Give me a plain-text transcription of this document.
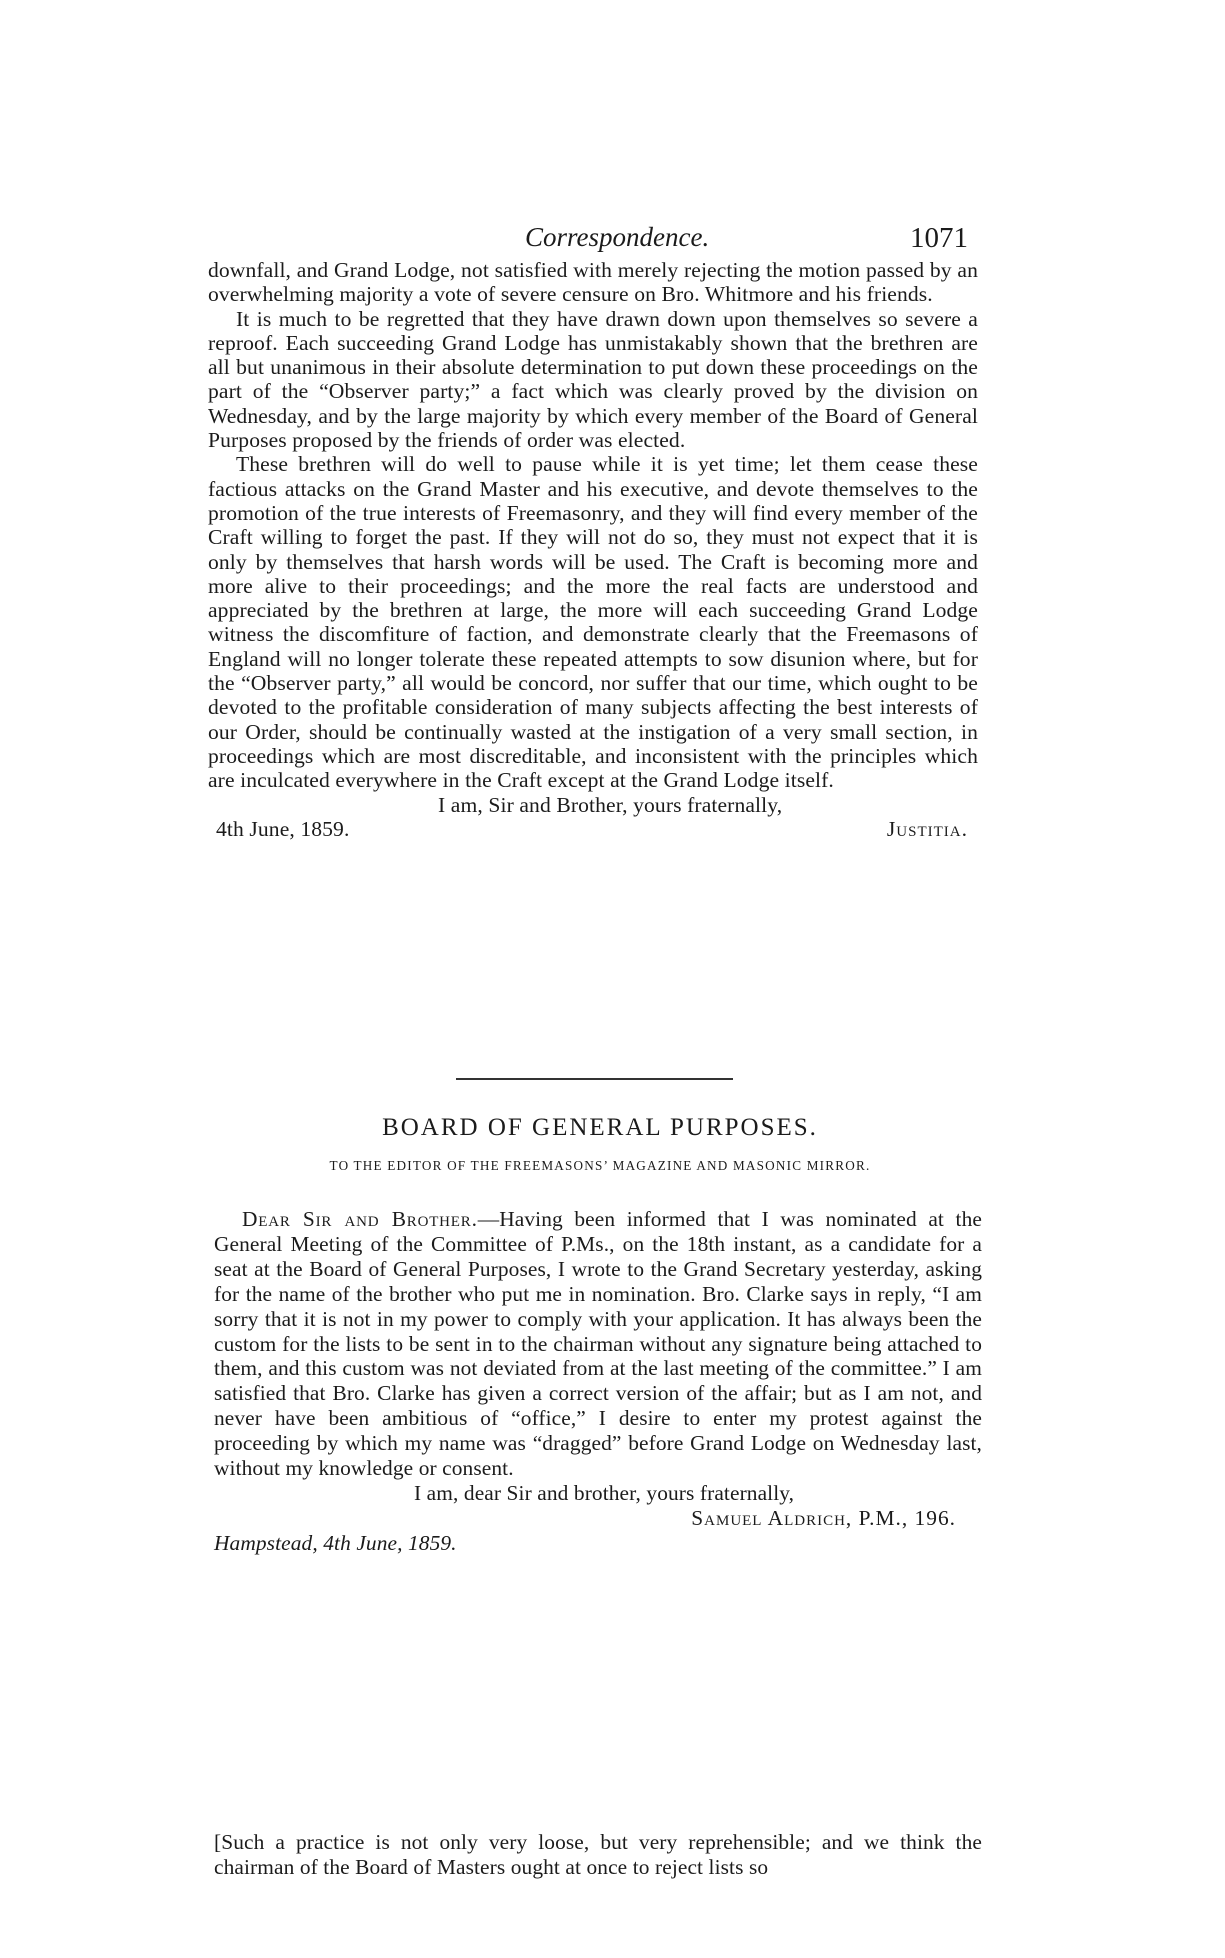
Correspondence.	1071

downfall, and Grand Lodge, not satisfied with merely rejecting the motion passed by an overwhelming majority a vote of severe censure on Bro. Whitmore and his friends.

It is much to be regretted that they have drawn down upon themselves so severe a reproof. Each succeeding Grand Lodge has unmistakably shown that the brethren are all but unanimous in their absolute determination to put down these proceedings on the part of the “Observer party;” a fact which was clearly proved by the division on Wednesday, and by the large majority by which every member of the Board of General Purposes proposed by the friends of order was elected.

These brethren will do well to pause while it is yet time; let them cease these factious attacks on the Grand Master and his executive, and devote themselves to the promotion of the true interests of Freemasonry, and they will find every member of the Craft willing to forget the past. If they will not do so, they must not expect that it is only by themselves that harsh words will be used. The Craft is becoming more and more alive to their proceedings; and the more the real facts are understood and appreciated by the brethren at large, the more will each succeeding Grand Lodge witness the discomfiture of faction, and demonstrate clearly that the Freemasons of England will no longer tolerate these repeated attempts to sow disunion where, but for the “Observer party,” all would be concord, nor suffer that our time, which ought to be devoted to the profitable consideration of many subjects affecting the best interests of our Order, should be continually wasted at the instigation of a very small section, in proceedings which are most discreditable, and inconsistent with the principles which are inculcated everywhere in the Craft except at the Grand Lodge itself.

I am, Sir and Brother, yours fraternally,

4th June, 1859.	Justitia.
BOARD OF GENERAL PURPOSES.
TO THE EDITOR OF THE FREEMASONS’ MAGAZINE AND MASONIC MIRROR.

Dear Sir and Brother.—Having been informed that I was nominated at the General Meeting of the Committee of P.Ms., on the 18th instant, as a candidate for a seat at the Board of General Purposes, I wrote to the Grand Secretary yesterday, asking for the name of the brother who put me in nomination. Bro. Clarke says in reply, “I am sorry that it is not in my power to comply with your application. It has always been the custom for the lists to be sent in to the chairman without any signature being attached to them, and this custom was not deviated from at the last meeting of the committee.” I am satisfied that Bro. Clarke has given a correct version of the affair; but as I am not, and never have been ambitious of “office,” I desire to enter my protest against the proceeding by which my name was “dragged” before Grand Lodge on Wednesday last, without my knowledge or consent.

I am, dear Sir and brother, yours fraternally,

Samuel Aldrich, P.M., 196.

Hampstead, 4th June, 1859.

[Such a practice is not only very loose, but very reprehensible; and we think the chairman of the Board of Masters ought at once to reject lists so
